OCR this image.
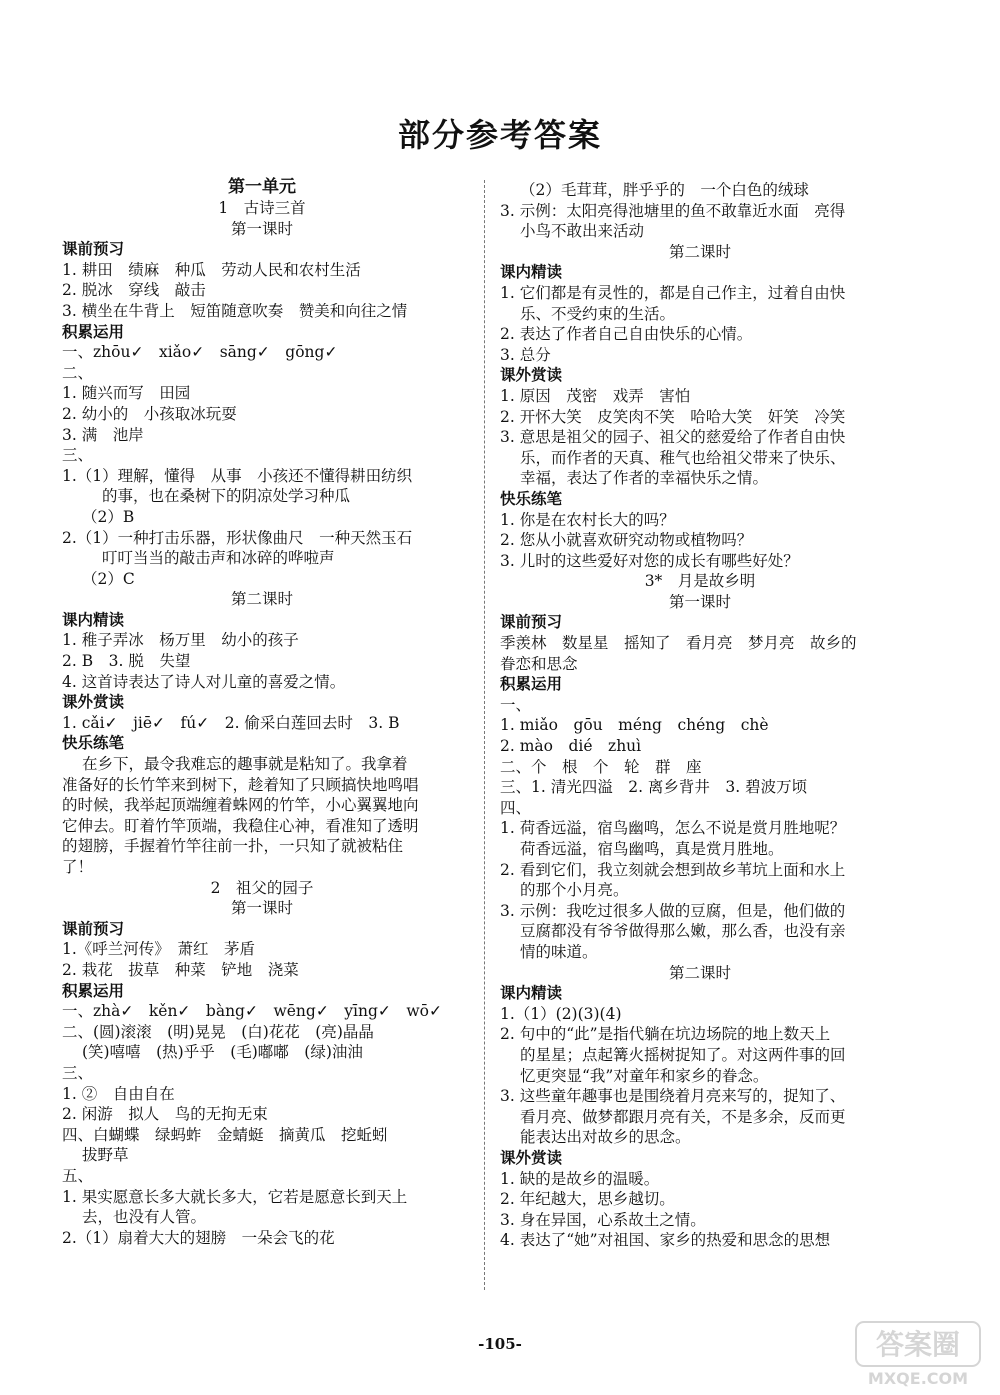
部分参考答案
第一单元
1　古诗三首
第一课时
课前预习
1. 耕田　绩麻　种瓜　劳动人民和农村生活
2. 脱冰　穿线　敲击
3. 横坐在牛背上　短笛随意吹奏　赞美和向往之情
积累运用
一、zhōu✓　xiǎo✓　sāng✓　gōng✓
二、
1. 随兴而写　田园
2. 幼小的　小孩取冰玩耍
3. 满　池岸
三、
1.（1）理解，懂得　从事　小孩还不懂得耕田纺织
的事，也在桑树下的阴凉处学习种瓜
（2）B
2.（1）一种打击乐器，形状像曲尺　一种天然玉石
叮叮当当的敲击声和冰碎的哗啦声
（2）C
第二课时
课内精读
1. 稚子弄冰　杨万里　幼小的孩子
2. B　3. 脱　失望
4. 这首诗表达了诗人对儿童的喜爱之情。
课外赏读
1. cǎi✓　jiē✓　fú✓　2. 偷采白莲回去时　3. B
快乐练笔
在乡下，最令我难忘的趣事就是粘知了。我拿着
准备好的长竹竿来到树下，趁着知了只顾搞快地鸣唱
的时候，我举起顶端缠着蛛网的竹竿，小心翼翼地向
它伸去。盯着竹竿顶端，我稳住心神，看准知了透明
的翅膀，手握着竹竿往前一扑，一只知了就被粘住
了！
2　祖父的园子
第一课时
课前预习
1.《呼兰河传》　萧红　茅盾
2. 栽花　拔草　种菜　铲地　浇菜
积累运用
一、zhà✓　kěn✓　bàng✓　wēng✓　yīng✓　wō✓
二、(圆)滚滚　(明)晃晃　(白)花花　(亮)晶晶
(笑)嘻嘻　(热)乎乎　(毛)嘟嘟　(绿)油油
三、
1. ②　自由自在
2. 闲游　拟人　鸟的无拘无束
四、白蝴蝶　绿蚂蚱　金蜻蜓　摘黄瓜　挖蚯蚓
拔野草
五、
1. 果实愿意长多大就长多大，它若是愿意长到天上
去，也没有人管。
2.（1）扇着大大的翅膀　一朵会飞的花
（2）毛茸茸，胖乎乎的　一个白色的绒球
3. 示例：太阳亮得池塘里的鱼不敢靠近水面　亮得
小鸟不敢出来活动
第二课时
课内精读
1. 它们都是有灵性的，都是自己作主，过着自由快
乐、不受约束的生活。
2. 表达了作者自己自由快乐的心情。
3. 总分
课外赏读
1. 原因　茂密　戏弄　害怕
2. 开怀大笑　皮笑肉不笑　哈哈大笑　奸笑　冷笑
3. 意思是祖父的园子、祖父的慈爱给了作者自由快
乐，而作者的天真、稚气也给祖父带来了快乐、
幸福，表达了作者的幸福快乐之情。
快乐练笔
1. 你是在农村长大的吗？
2. 您从小就喜欢研究动物或植物吗？
3. 儿时的这些爱好对您的成长有哪些好处？
3*　月是故乡明
第一课时
课前预习
季羡林　数星星　摇知了　看月亮　梦月亮　故乡的
眷恋和思念
积累运用
一、
1. miǎo　gōu　méng　chéng　chè
2. mào　dié　zhuì
二、个　根　个　轮　群　座
三、1. 清光四溢　2. 离乡背井　3. 碧波万顷
四、
1. 荷香远溢，宿鸟幽鸣，怎么不说是赏月胜地呢？
荷香远溢，宿鸟幽鸣，真是赏月胜地。
2. 看到它们，我立刻就会想到故乡苇坑上面和水上
的那个小月亮。
3. 示例：我吃过很多人做的豆腐，但是，他们做的
豆腐都没有爷爷做得那么嫩，那么香，也没有亲
情的味道。
第二课时
课内精读
1.（1）(2)(3)(4)
2. 句中的“此”是指代躺在坑边场院的地上数天上
的星星；点起篝火摇树捉知了。对这两件事的回
忆更突显“我”对童年和家乡的眷念。
3. 这些童年趣事也是围绕着月亮来写的，捉知了、
看月亮、做梦都跟月亮有关，不是多余，反而更
能表达出对故乡的思念。
课外赏读
1. 缺的是故乡的温暖。
2. 年纪越大，思乡越切。
3. 身在异国，心系故土之情。
4. 表达了“她”对祖国、家乡的热爱和思念的思想
-105-	答案圈
MXQE.COM
